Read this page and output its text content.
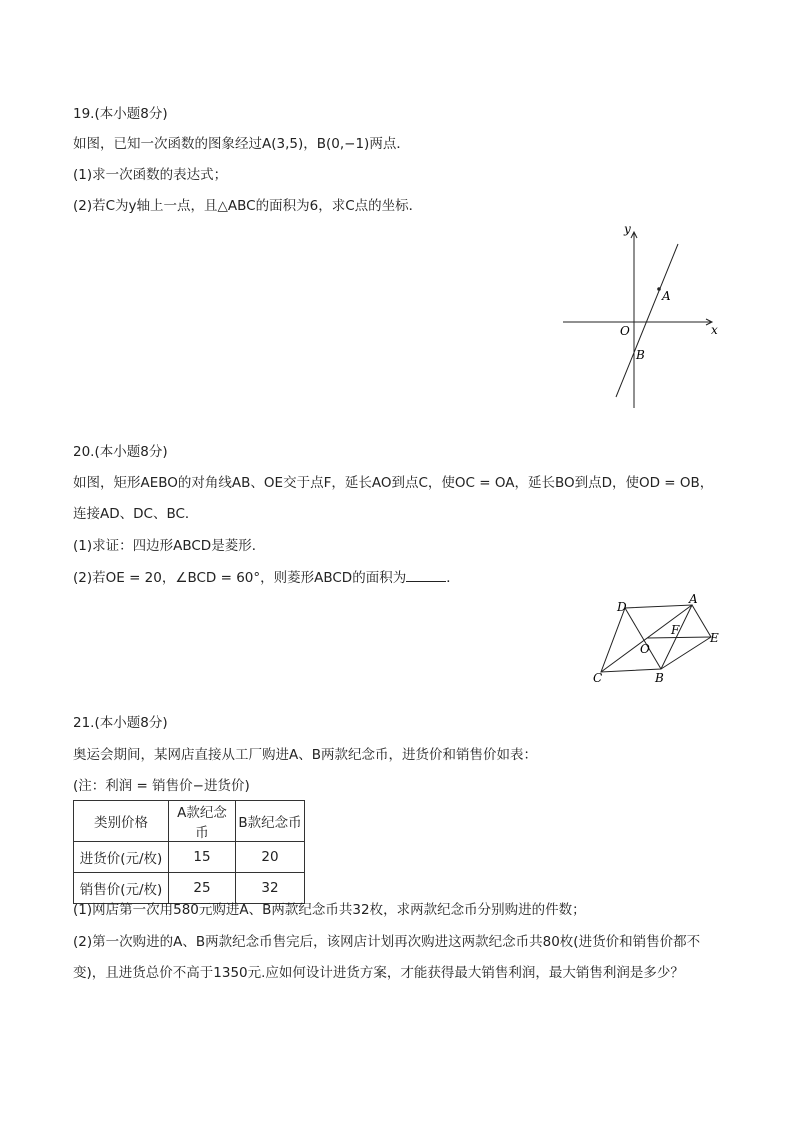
19.(本小题8分)
如图，已知一次函数的图象经过A(3,5)，B(0,−1)两点．
(1)求一次函数的表达式；
(2)若C为y轴上一点，且△ABC的面积为6，求C点的坐标．
y
x
O
A
B
20.(本小题8分)
如图，矩形AEBO的对角线AB、OE交于点F，延长AO到点C，使OC = OA，延长BO到点D，使OD = OB，
连接AD、DC、BC．
(1)求证：四边形ABCD是菱形．
(2)若OE = 20，∠BCD = 60°，则菱形ABCD的面积为	．
D
A
F
E
O
C	B
21.(本小题8分)
奥运会期间，某网店直接从工厂购进A、B两款纪念币，进货价和销售价如表：
(注：利润 = 销售价−进货价)
类别价格	A款纪念币	B款纪念币
进货价(元/枚)	15	20
销售价(元/枚)	25	32
(1)网店第一次用580元购进A、B两款纪念币共32枚，求两款纪念币分别购进的件数；
(2)第一次购进的A、B两款纪念币售完后，该网店计划再次购进这两款纪念币共80枚(进货价和销售价都不
变)，且进货总价不高于1350元.应如何设计进货方案，才能获得最大销售利润，最大销售利润是多少？
